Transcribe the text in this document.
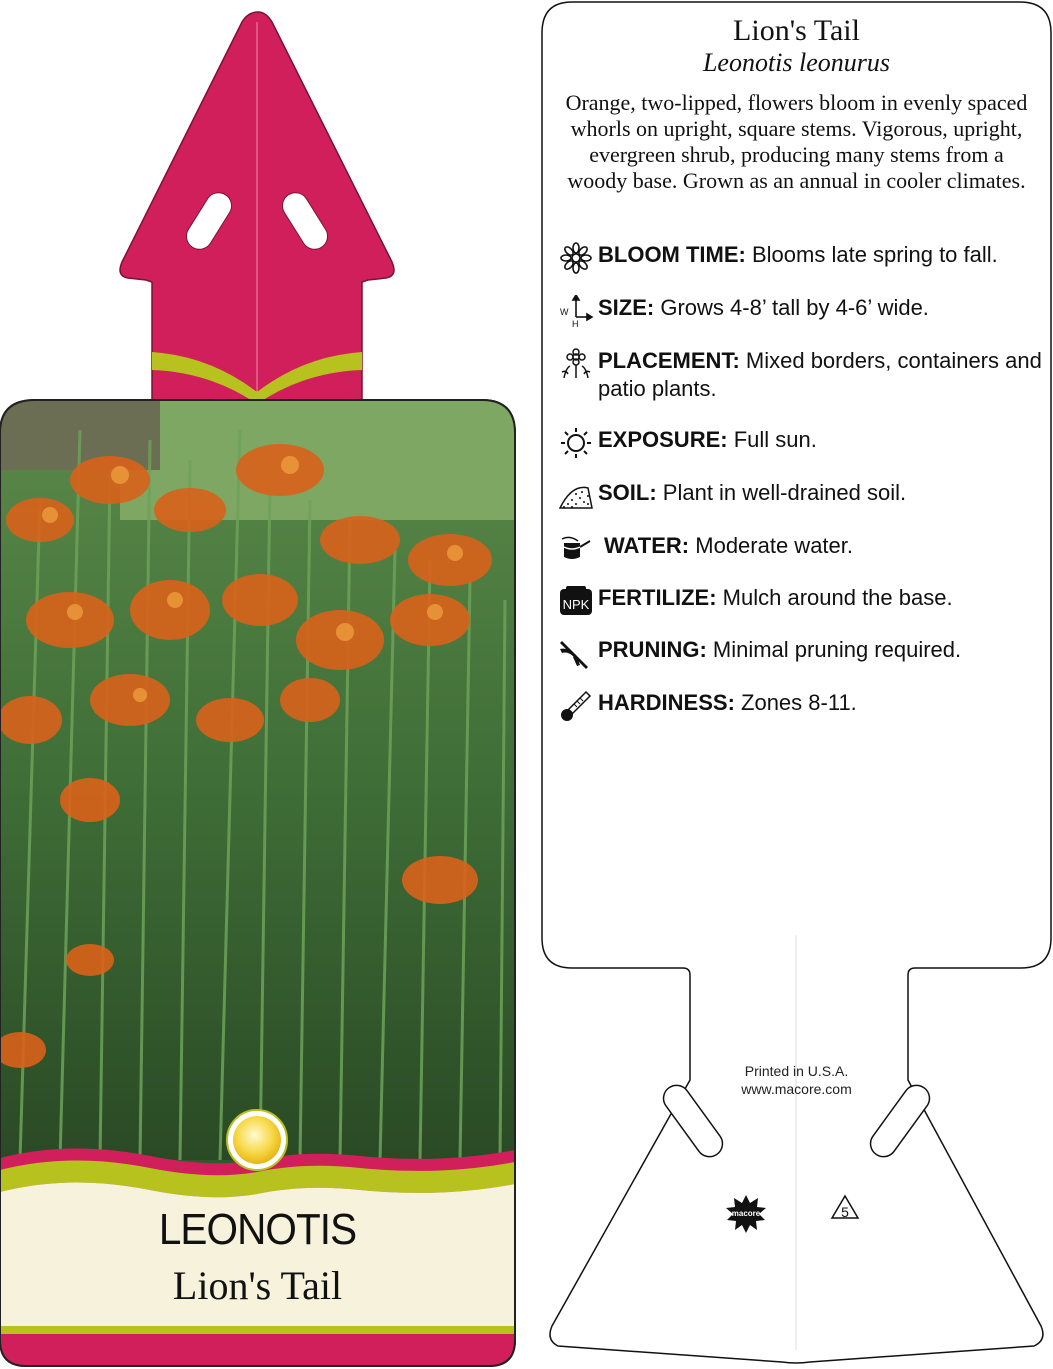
LEONOTIS
Lion's Tail
macore	5
Lion's Tail
Leonotis leonurus
Orange, two-lipped, flowers bloom in evenly spaced whorls on upright, square stems. Vigorous, upright, evergreen shrub, producing many stems from a woody base. Grown as an annual in cooler climates.
BLOOM TIME: Blooms late spring to fall.
W
H
SIZE: Grows 4-8’ tall by 4-6’ wide.
PLACEMENT: Mixed borders, containers and patio plants.
EXPOSURE: Full sun.
SOIL: Plant in well-drained soil.
WATER: Moderate water.
NPK FERTILIZE: Mulch around the base.
PRUNING: Minimal pruning required.
HARDINESS: Zones 8-11.
Printed in U.S.A.
www.macore.com
